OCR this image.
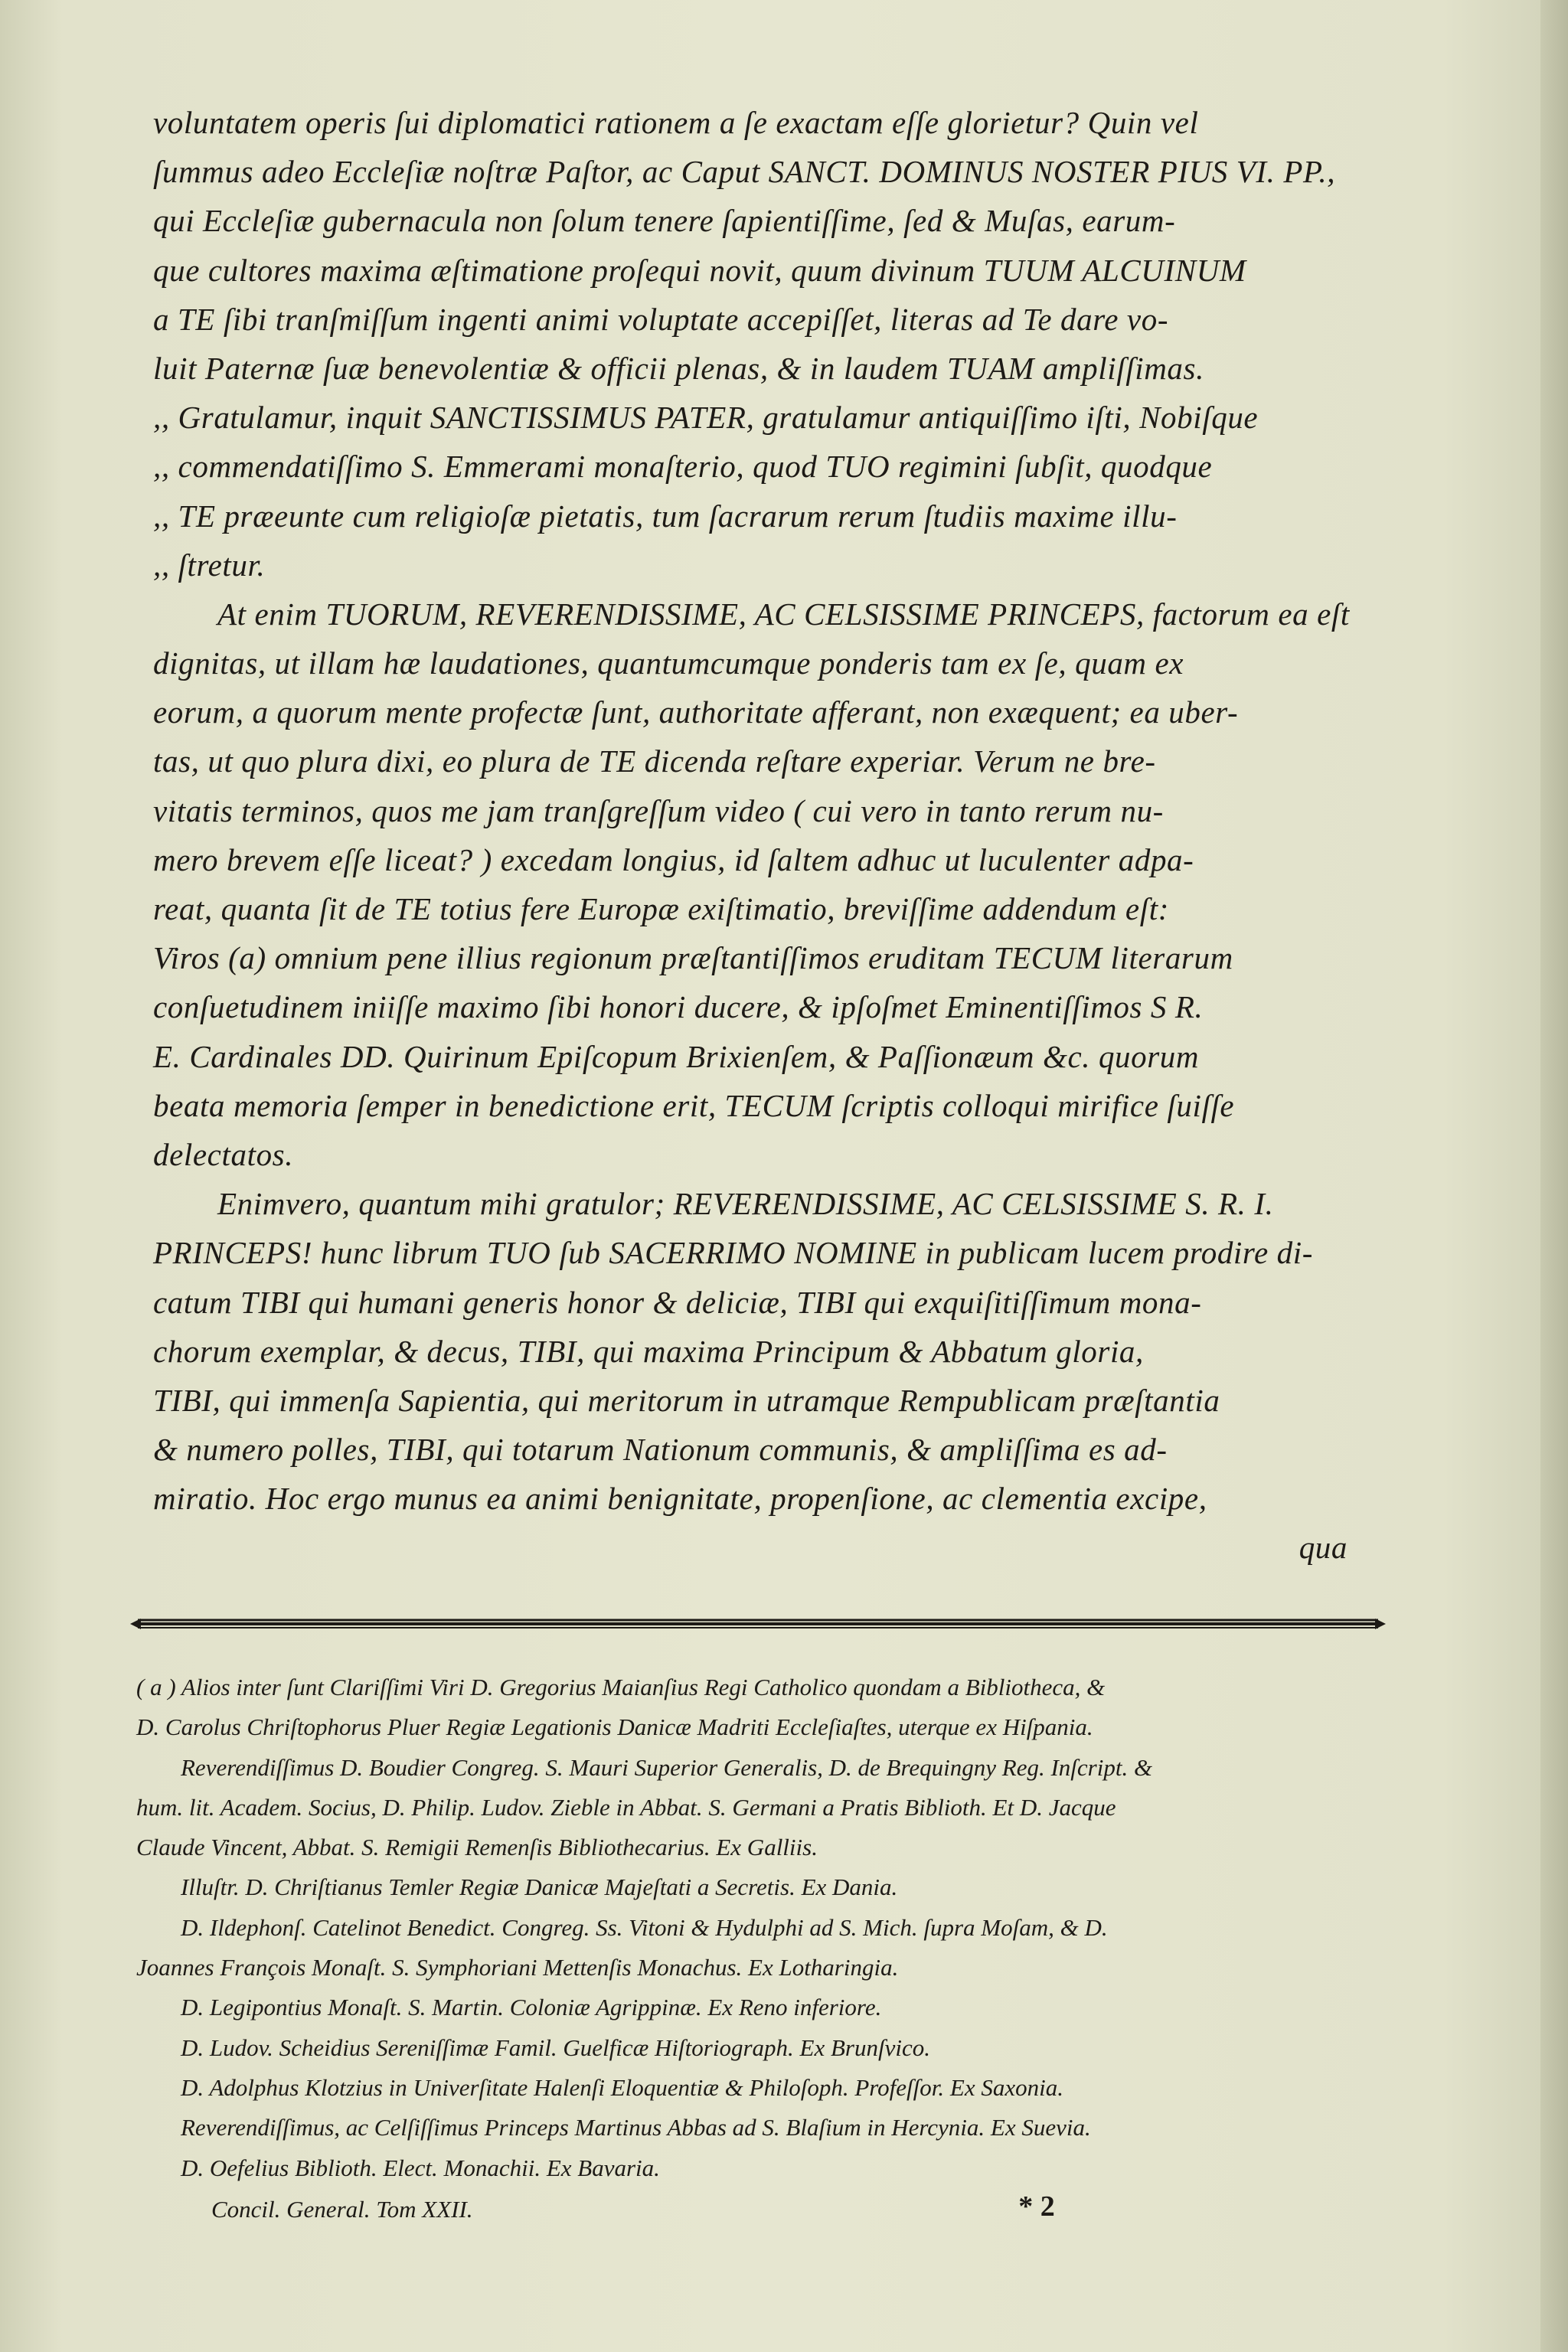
voluntatem operis ſui diplomatici rationem a ſe exactam eſſe glorietur? Quin vel

ſummus adeo Eccleſiæ noſtræ Paſtor, ac Caput SANCT. DOMINUS NOSTER PIUS VI. PP.,

qui Eccleſiæ gubernacula non ſolum tenere ſapientiſſime, ſed & Muſas, earum-

que cultores maxima æſtimatione proſequi novit, quum divinum TUUM ALCUINUM

a TE ſibi tranſmiſſum ingenti animi voluptate accepiſſet, literas ad Te dare vo-

luit Paternæ ſuæ benevolentiæ & officii plenas, & in laudem TUAM ampliſſimas.

,, Gratulamur, inquit SANCTISSIMUS PATER, gratulamur antiquiſſimo iſti, Nobiſque

,, commendatiſſimo S. Emmerami monaſterio, quod TUO regimini ſubſit, quodque

,, TE præeunte cum religioſæ pietatis, tum ſacrarum rerum ſtudiis maxime illu-

,, ſtretur.

At enim TUORUM, REVERENDISSIME, AC CELSISSIME PRINCEPS, factorum ea eſt

dignitas, ut illam hæ laudationes, quantumcumque ponderis tam ex ſe, quam ex

eorum, a quorum mente profectæ ſunt, authoritate afferant, non exæquent; ea uber-

tas, ut quo plura dixi, eo plura de TE dicenda reſtare experiar. Verum ne bre-

vitatis terminos, quos me jam tranſgreſſum video ( cui vero in tanto rerum nu-

mero brevem eſſe liceat? ) excedam longius, id ſaltem adhuc ut luculenter adpa-

reat, quanta ſit de TE totius fere Europæ exiſtimatio, breviſſime addendum eſt:

Viros (a) omnium pene illius regionum præſtantiſſimos eruditam TECUM literarum

conſuetudinem iniiſſe maximo ſibi honori ducere, & ipſoſmet Eminentiſſimos S R.

E. Cardinales DD. Quirinum Epiſcopum Brixienſem, & Paſſionæum &c. quorum

beata memoria ſemper in benedictione erit, TECUM ſcriptis colloqui mirifice ſuiſſe

delectatos.

Enimvero, quantum mihi gratulor; REVERENDISSIME, AC CELSISSIME S. R. I.

PRINCEPS! hunc librum TUO ſub SACERRIMO NOMINE in publicam lucem prodire di-

catum TIBI qui humani generis honor & deliciæ, TIBI qui exquiſitiſſimum mona-

chorum exemplar, & decus, TIBI, qui maxima Principum & Abbatum gloria,

TIBI, qui immenſa Sapientia, qui meritorum in utramque Rempublicam præſtantia

& numero polles, TIBI, qui totarum Nationum communis, & ampliſſima es ad-

miratio. Hoc ergo munus ea animi benignitate, propenſione, ac clementia excipe,

qua

( a ) Alios inter ſunt Clariſſimi Viri D. Gregorius Maianſius Regi Catholico quondam a Bibliotheca, &

D. Carolus Chriſtophorus Pluer Regiæ Legationis Danicæ Madriti Eccleſiaſtes, uterque ex Hiſpania.

Reverendiſſimus D. Boudier Congreg. S. Mauri Superior Generalis, D. de Brequingny Reg. Inſcript. &

hum. lit. Academ. Socius, D. Philip. Ludov. Zieble in Abbat. S. Germani a Pratis Biblioth. Et D. Jacque

Claude Vincent, Abbat. S. Remigii Remenſis Bibliothecarius. Ex Galliis.

Illuſtr. D. Chriſtianus Temler Regiæ Danicæ Majeſtati a Secretis. Ex Dania.

D. Ildephonſ. Catelinot Benedict. Congreg. Ss. Vitoni & Hydulphi ad S. Mich. ſupra Moſam, & D.

Joannes François Monaſt. S. Symphoriani Mettenſis Monachus. Ex Lotharingia.

D. Legipontius Monaſt. S. Martin. Coloniæ Agrippinæ. Ex Reno inferiore.

D. Ludov. Scheidius Sereniſſimæ Famil. Guelficæ Hiſtoriograph. Ex Brunſvico.

D. Adolphus Klotzius in Univerſitate Halenſi Eloquentiæ & Philoſoph. Profeſſor. Ex Saxonia.

Reverendiſſimus, ac Celſiſſimus Princeps Martinus Abbas ad S. Blaſium in Hercynia. Ex Suevia.

D. Oefelius Biblioth. Elect. Monachii. Ex Bavaria.

Concil. General. Tom XXII.	* 2
